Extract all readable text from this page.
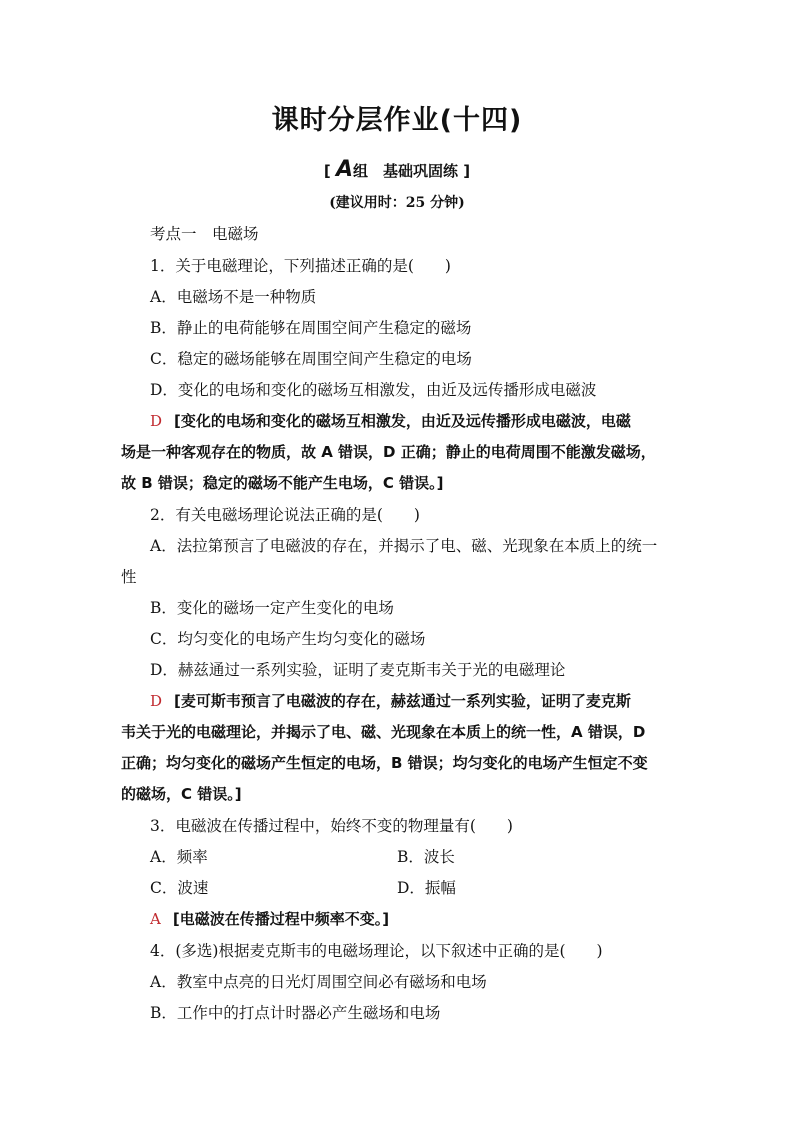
课时分层作业(十四)
[ A组　基础巩固练 ]
(建议用时：25 分钟)
考点一　电磁场
1．关于电磁理论，下列描述正确的是(　　)
A．电磁场不是一种物质
B．静止的电荷能够在周围空间产生稳定的磁场
C．稳定的磁场能够在周围空间产生稳定的电场
D．变化的电场和变化的磁场互相激发，由近及远传播形成电磁波
D [变化的电场和变化的磁场互相激发，由近及远传播形成电磁波，电磁
场是一种客观存在的物质，故 A 错误，D 正确；静止的电荷周围不能激发磁场，
故 B 错误；稳定的磁场不能产生电场，C 错误。]
2．有关电磁场理论说法正确的是(　　)
A．法拉第预言了电磁波的存在，并揭示了电、磁、光现象在本质上的统一
性
B．变化的磁场一定产生变化的电场
C．均匀变化的电场产生均匀变化的磁场
D．赫兹通过一系列实验，证明了麦克斯韦关于光的电磁理论
D [麦可斯韦预言了电磁波的存在，赫兹通过一系列实验，证明了麦克斯
韦关于光的电磁理论，并揭示了电、磁、光现象在本质上的统一性，A 错误，D
正确；均匀变化的磁场产生恒定的电场，B 错误；均匀变化的电场产生恒定不变
的磁场，C 错误。]
3．电磁波在传播过程中，始终不变的物理量有(　　)
A．频率	B．波长
C．波速	D．振幅
A [电磁波在传播过程中频率不变。]
4．(多选)根据麦克斯韦的电磁场理论，以下叙述中正确的是(　　)
A．教室中点亮的日光灯周围空间必有磁场和电场
B．工作中的打点计时器必产生磁场和电场
